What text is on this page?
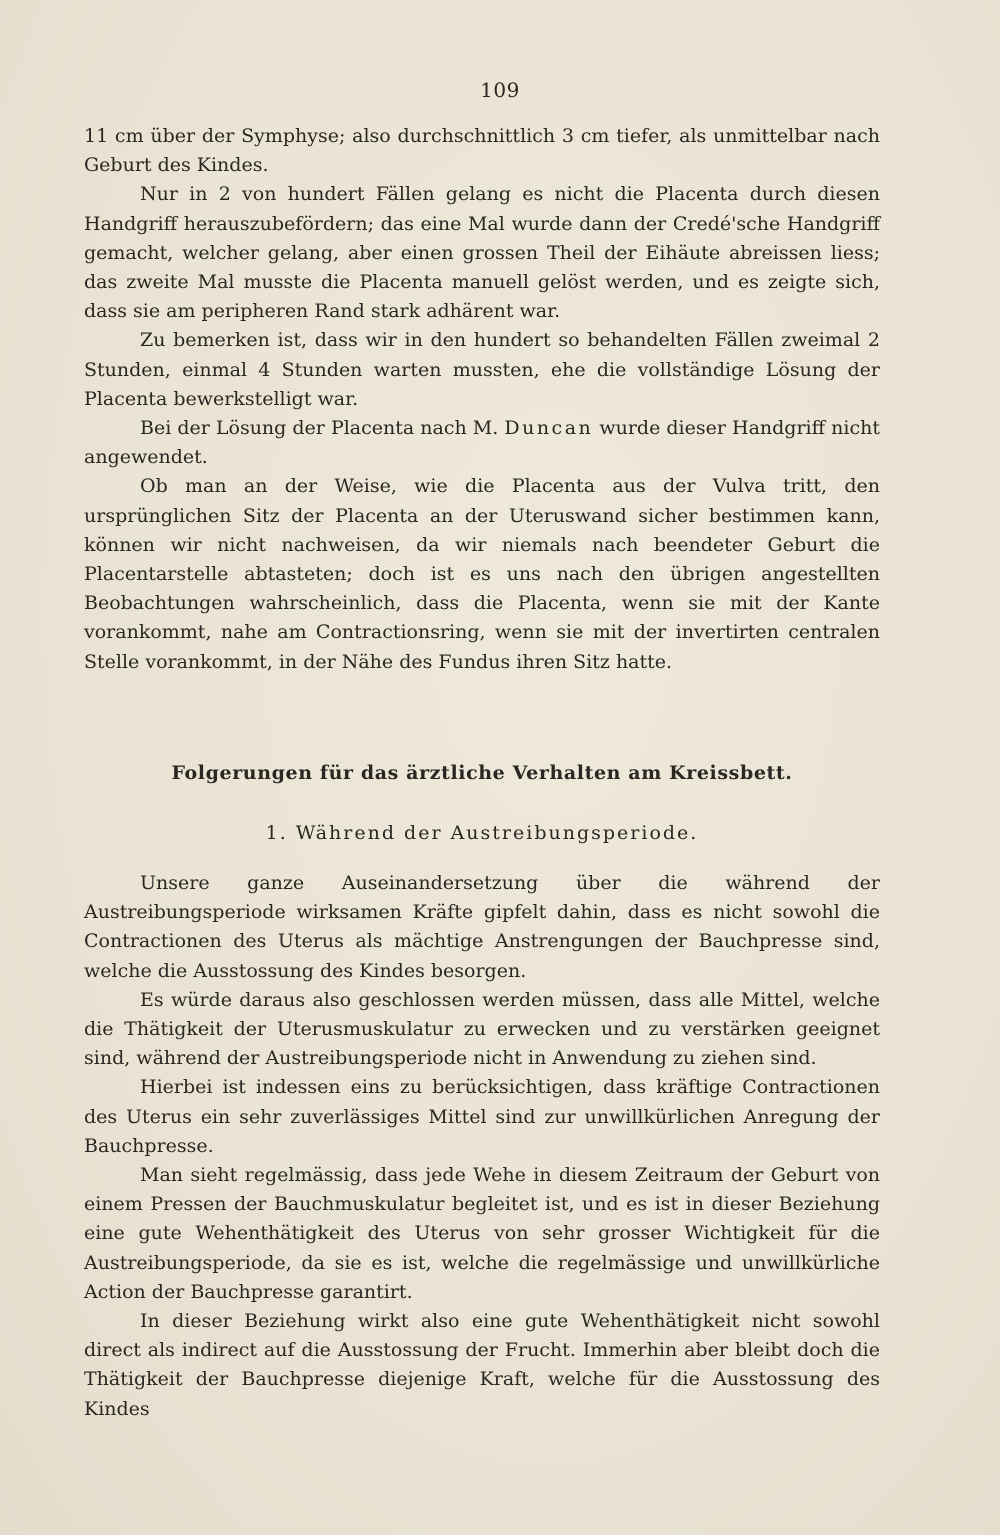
109

11 cm über der Symphyse; also durchschnittlich 3 cm tiefer, als unmittelbar nach Geburt des Kindes.

Nur in 2 von hundert Fällen gelang es nicht die Placenta durch diesen Handgriff herauszubefördern; das eine Mal wurde dann der Credé'sche Handgriff gemacht, welcher gelang, aber einen grossen Theil der Eihäute abreissen liess; das zweite Mal musste die Placenta manuell gelöst werden, und es zeigte sich, dass sie am peripheren Rand stark adhärent war.

Zu bemerken ist, dass wir in den hundert so behandelten Fällen zweimal 2 Stunden, einmal 4 Stunden warten mussten, ehe die vollständige Lösung der Placenta bewerkstelligt war.

Bei der Lösung der Placenta nach M. Duncan wurde dieser Handgriff nicht angewendet.

Ob man an der Weise, wie die Placenta aus der Vulva tritt, den ursprünglichen Sitz der Placenta an der Uteruswand sicher bestimmen kann, können wir nicht nachweisen, da wir niemals nach beendeter Geburt die Placentarstelle abtasteten; doch ist es uns nach den übrigen angestellten Beobachtungen wahrscheinlich, dass die Placenta, wenn sie mit der Kante vorankommt, nahe am Contractionsring, wenn sie mit der invertirten centralen Stelle vorankommt, in der Nähe des Fundus ihren Sitz hatte.

Folgerungen für das ärztliche Verhalten am Kreissbett.
1. Während der Austreibungsperiode.

Unsere ganze Auseinandersetzung über die während der Austreibungsperiode wirksamen Kräfte gipfelt dahin, dass es nicht sowohl die Contractionen des Uterus als mächtige Anstrengungen der Bauchpresse sind, welche die Ausstossung des Kindes besorgen.

Es würde daraus also geschlossen werden müssen, dass alle Mittel, welche die Thätigkeit der Uterusmuskulatur zu erwecken und zu verstärken geeignet sind, während der Austreibungsperiode nicht in Anwendung zu ziehen sind.

Hierbei ist indessen eins zu berücksichtigen, dass kräftige Contractionen des Uterus ein sehr zuverlässiges Mittel sind zur unwillkürlichen Anregung der Bauchpresse.

Man sieht regelmässig, dass jede Wehe in diesem Zeitraum der Geburt von einem Pressen der Bauchmuskulatur begleitet ist, und es ist in dieser Beziehung eine gute Wehenthätigkeit des Uterus von sehr grosser Wichtigkeit für die Austreibungsperiode, da sie es ist, welche die regelmässige und unwillkürliche Action der Bauchpresse garantirt.

In dieser Beziehung wirkt also eine gute Wehenthätigkeit nicht sowohl direct als indirect auf die Ausstossung der Frucht. Immerhin aber bleibt doch die Thätigkeit der Bauchpresse diejenige Kraft, welche für die Ausstossung des Kindes
